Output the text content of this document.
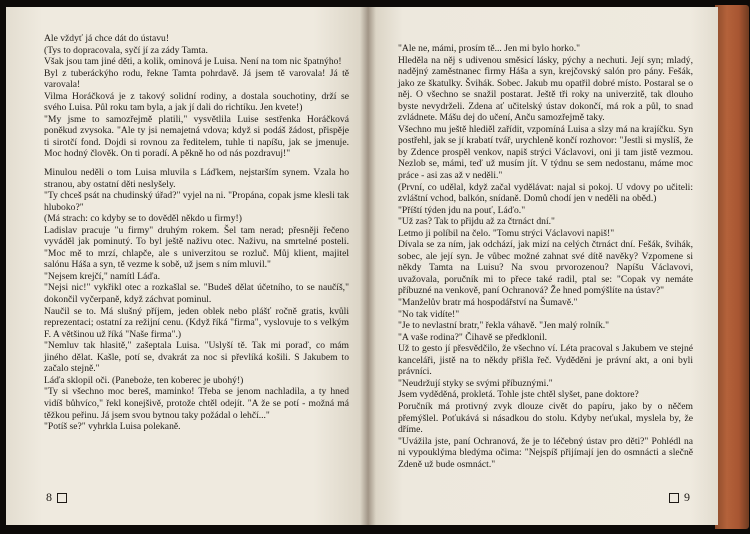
Ale vždyť já chce dát do ústavu!

(Tys to dopracovala, syčí jí za zády Tamta.

Však jsou tam jiné děti, a kolik, ominová je Luisa. Není na tom nic špatnýho!

Byl z tuberáckýho rodu, řekne Tamta pohrdavě. Já jsem tě varovala! Já tě varovala!

Vilma Horáčková je z takový solidní rodiny, a dostala souchotiny, drží se svého Luisa. Půl roku tam byla, a jak jí dali do richtíku. Jen kvete!)

"My jsme to samozřejmě platili," vysvětlila Luise sestřenka Horáčková poněkud zvysoka. "Ale ty jsi nemajetná vdova; když si podáš žádost, přispěje ti sirotčí fond. Dojdi si rovnou za ředitelem, tuhle ti napíšu, jak se jmenuje. Moc hodný člověk. On ti poradí. A pěkně ho od nás pozdravuj!"

Minulou neděli o tom Luisa mluvila s Láďkem, nejstarším synem. Vzala ho stranou, aby ostatní děti neslyšely.

"Ty chceš psát na chudinský úřad?" vyjel na ni. "Propána, copak jsme klesli tak hluboko?"

(Má strach: co kdyby se to dověděl někdo u firmy!)

Ladislav pracuje "u firmy" druhým rokem. Šel tam nerad; přesněji řečeno vyváděl jak pominutý. To byl ještě naživu otec. Naživu, na smrtelné posteli. "Moc mě to mrzí, chlapče, ale s univerzitou se rozluč. Můj klient, majitel salónu Háša a syn, tě vezme k sobě, už jsem s ním mluvil."

"Nejsem krejčí," namítl Láďa.

"Nejsi nic!" vykřikl otec a rozkašlal se. "Budeš dělat účetního, to se naučíš," dokončil vyčerpaně, když záchvat pominul.

Naučil se to. Má slušný příjem, jeden oblek nebo plášť ročně gratis, kvůli reprezentaci; ostatní za režijní cenu. (Když říká "firma", vyslovuje to s velkým F. A většinou už říká "Naše firma".)

"Nemluv tak hlasitě," zašeptala Luisa. "Uslyší tě. Tak mi poraď, co mám jiného dělat. Kašle, potí se, dvakrát za noc si převlíká košili. S Jakubem to začalo stejně."

Láďa sklopil oči. (Paneboże, ten koberec je ubohý!)

"Ty si všechno moc bereš, maminko! Třeba se jenom nachladila, a ty hned vidíš bůhvíco," řekl konejšivě, protože chtěl odejít. "A že se potí - možná má těžkou peřinu. Já jsem svou bytnou taky požádal o lehčí..."

"Potíš se?" vyhrkla Luisa polekaně.

8

"Ale ne, mámi, prosím tě... Jen mi bylo horko."

Hleděla na něj s udivenou směsicí lásky, pýchy a nechuti. Její syn; mladý, nadějný zaměstnanec firmy Háša a syn, krejčovský salón pro pány. Fešák, jako ze škatulky. Švihák. Sobec. Jakub mu opatřil dobré místo. Postaral se o něj. O všechno se snažil postarat. Ještě tři roky na univerzitě, tak dlouho byste nevydrželi. Zdena ať učitelský ústav dokončí, má rok a půl, to snad zvládnete. Mášu dej do učení, Anču samozřejmě taky.

Všechno mu ještě hlediěl zařídit, vzpomíná Luisa a slzy má na krajíčku. Syn postřehl, jak se jí krabatí tvář, urychleně končí rozhovor: "Jestli si myslíš, že by Zdence prospěl venkov, napiš strýci Václavovi, oni ji tam jistě vezmou. Nezlob se, mámi, teď už musím jít. V týdnu se sem nedostanu, máme moc práce - asi zas až v neděli."

(První, co udělal, když začal vydělávat: najal si pokoj. U vdovy po učiteli: zvláštní vchod, balkón, snídaně. Domů chodí jen v neděli na oběd.)

"Příští týden jdu na pouť, Láďo."

"Už zas? Tak to přijdu až za čtrnáct dní."

Letmo ji políbil na čelo. "Tomu strýci Václavovi napiš!"

Dívala se za ním, jak odchází, jak mizí na celých čtrnáct dní. Fešák, švihák, sobec, ale její syn. Je vůbec možné zahnat své dítě navěky? Vzpomene si někdy Tamta na Luisu? Na svou prvorozenou? Napíšu Václavovi, uvažovala, poručník mi to přece také radil, ptal se: "Copak vy nemáte příbuzné na venkově, paní Ochranová? Že hned pomýšlíte na ústav?"

"Manželův bratr má hospodářství na Šumavě."

"No tak vidíte!"

"Je to nevlastní bratr," řekla váhavě. "Jen malý rolník."

"A vaše rodina?" Čihavě se předklonil.

Už to gesto jí přesvědčilo, že všechno ví. Léta pracoval s Jakubem ve stejné kanceláři, jistě na to někdy přišla řeč. Vyděděni je právní akt, a oni byli právníci.

"Neudržují styky se svými příbuznými."

Jsem vyděděná, prokletá. Tohle jste chtěl slyšet, pane doktore?

Poručník má protivný zvyk dlouze civět do papíru, jako by o něčem přemýšlel. Poťukává si násadkou do stolu. Kdyby neťukal, myslela by, že dříme.

"Uvážila jste, paní Ochranová, že je to léčebný ústav pro děti?" Pohlédl na ni vypouklýma bledýma očima: "Nejspíš přijímají jen do osmnácti a slečně Zdeně už bude osmnáct."

9
